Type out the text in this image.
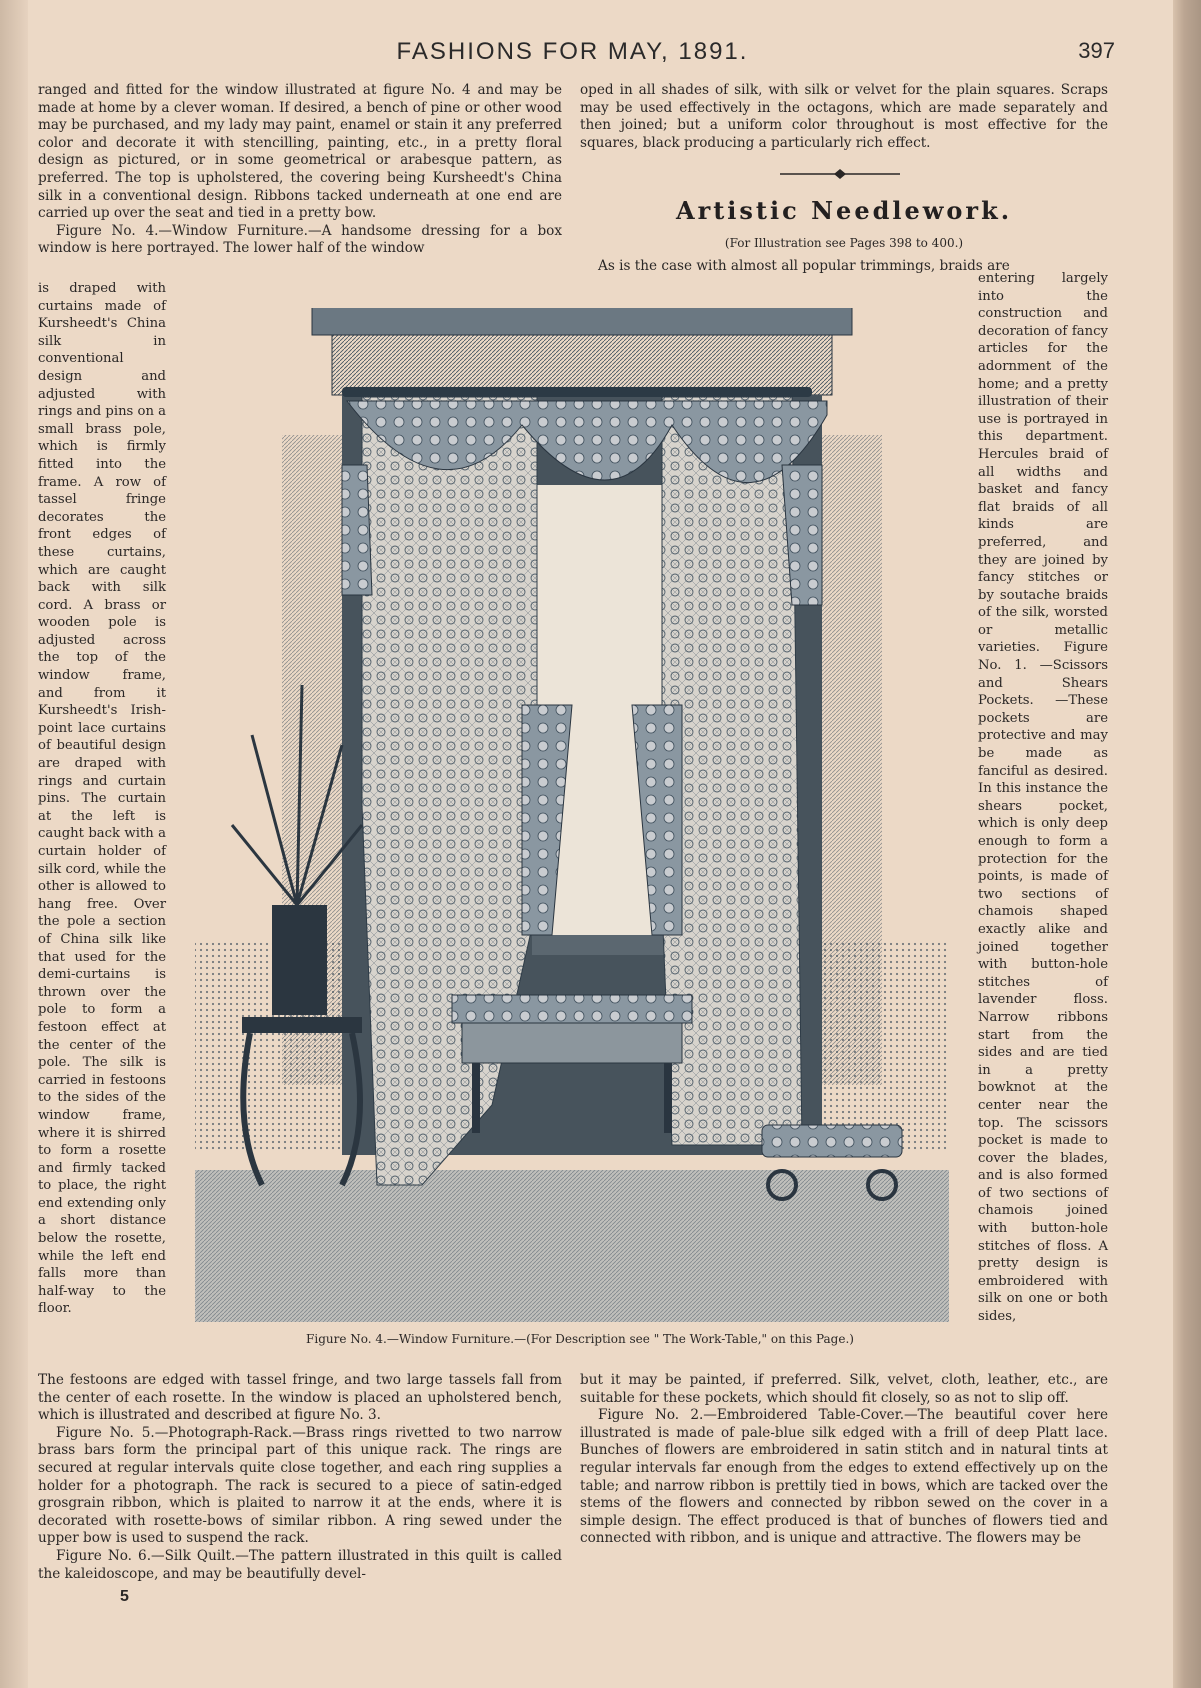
FASHIONS FOR MAY, 1891.	397

ranged and fitted for the window illustrated at figure No. 4 and may be made at home by a clever woman. If desired, a bench of pine or other wood may be purchased, and my lady may paint, enamel or stain it any preferred color and decorate it with stencilling, painting, etc., in a pretty floral design as pictured, or in some geometrical or arabesque pattern, as preferred. The top is upholstered, the covering being Kursheedt's China silk in a conventional design. Ribbons tacked underneath at one end are carried up over the seat and tied in a pretty bow.

Figure No. 4.—Window Furniture.—A handsome dressing for a box window is here portrayed. The lower half of the window

oped in all shades of silk, with silk or velvet for the plain squares. Scraps may be used effectively in the octagons, which are made separately and then joined; but a uniform color throughout is most effective for the squares, black producing a particularly rich effect.

Artistic Needlework.
(For Illustration see Pages 398 to 400.)

As is the case with almost all popular trimmings, braids are

is draped with curtains made of Kursheedt's China silk in conventional design and adjusted with rings and pins on a small brass pole, which is firmly fitted into the frame. A row of tassel fringe decorates the front edges of these curtains, which are caught back with silk cord. A brass or wooden pole is adjusted across the top of the window frame, and from it Kursheedt's Irish-point lace curtains of beautiful design are draped with rings and curtain pins. The curtain at the left is caught back with a curtain holder of silk cord, while the other is allowed to hang free. Over the pole a section of China silk like that used for the demi-curtains is thrown over the pole to form a festoon effect at the center of the pole. The silk is carried in festoons to the sides of the window frame, where it is shirred to form a rosette and firmly tacked to place, the right end extending only a short distance below the rosette, while the left end falls more than half-way to the floor.

entering largely into the construction and decoration of fancy articles for the adornment of the home; and a pretty illustration of their use is portrayed in this department. Hercules braid of all widths and basket and fancy flat braids of all kinds are preferred, and they are joined by fancy stitches or by soutache braids of the silk, worsted or metallic varieties. Figure No. 1. —Scissors and Shears Pockets. —These pockets are protective and may be made as fanciful as desired. In this instance the shears pocket, which is only deep enough to form a protection for the points, is made of two sections of chamois shaped exactly alike and joined together with button-hole stitches of lavender floss. Narrow ribbons start from the sides and are tied in a pretty bowknot at the center near the top. The scissors pocket is made to cover the blades, and is also formed of two sections of chamois joined with button-hole stitches of floss. A pretty design is embroidered with silk on one or both sides,

Figure No. 4.—Window Furniture.—(For Description see " The Work-Table," on this Page.)

The festoons are edged with tassel fringe, and two large tassels fall from the center of each rosette. In the window is placed an upholstered bench, which is illustrated and described at figure No. 3.

Figure No. 5.—Photograph-Rack.—Brass rings rivetted to two narrow brass bars form the principal part of this unique rack. The rings are secured at regular intervals quite close together, and each ring supplies a holder for a photograph. The rack is secured to a piece of satin-edged grosgrain ribbon, which is plaited to narrow it at the ends, where it is decorated with rosette-bows of similar ribbon. A ring sewed under the upper bow is used to suspend the rack.

Figure No. 6.—Silk Quilt.—The pattern illustrated in this quilt is called the kaleidoscope, and may be beautifully devel-

but it may be painted, if preferred. Silk, velvet, cloth, leather, etc., are suitable for these pockets, which should fit closely, so as not to slip off.

Figure No. 2.—Embroidered Table-Cover.—The beautiful cover here illustrated is made of pale-blue silk edged with a frill of deep Platt lace. Bunches of flowers are embroidered in satin stitch and in natural tints at regular intervals far enough from the edges to extend effectively up on the table; and narrow ribbon is prettily tied in bows, which are tacked over the stems of the flowers and connected by ribbon sewed on the cover in a simple design. The effect produced is that of bunches of flowers tied and connected with ribbon, and is unique and attractive. The flowers may be

5
